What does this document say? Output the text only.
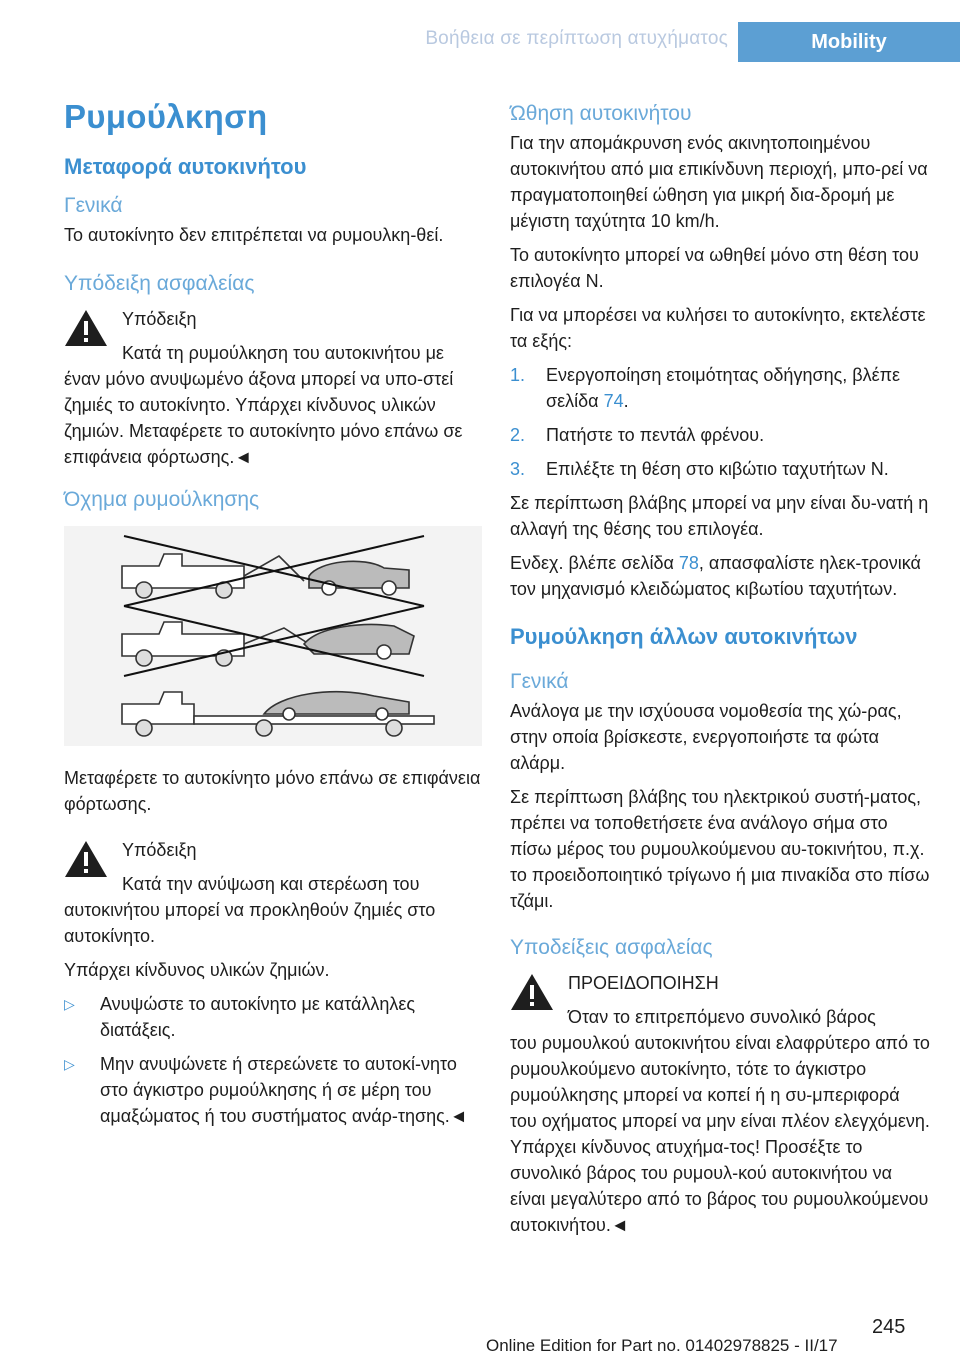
Βοήθεια σε περίπτωση ατυχήματος	Mobility
Ρυμούλκηση
Μεταφορά αυτοκινήτου
Γενικά

Το αυτοκίνητο δεν επιτρέπεται να ρυμουλκη-θεί.

Υπόδειξη ασφαλείας

Υπόδειξη

Κατά τη ρυμούλκηση του αυτοκινήτου με

έναν μόνο ανυψωμένο άξονα μπορεί να υπο-στεί ζημιές το αυτοκίνητο. Υπάρχει κίνδυνος υλικών ζημιών. Μεταφέρετε το αυτοκίνητο μόνο επάνω σε επιφάνεια φόρτωσης.◄

Όχημα ρυμούλκησης

Μεταφέρετε το αυτοκίνητο μόνο επάνω σε επιφάνεια φόρτωσης.

Υπόδειξη

Κατά την ανύψωση και στερέωση του

αυτοκινήτου μπορεί να προκληθούν ζημιές στο αυτοκίνητο.

Υπάρχει κίνδυνος υλικών ζημιών.

▷ Ανυψώστε το αυτοκίνητο με κατάλληλες διατάξεις.
▷ Μην ανυψώνετε ή στερεώνετε το αυτοκί-νητο στο άγκιστρο ρυμούλκησης ή σε μέρη του αμαξώματος ή του συστήματος ανάρ-τησης.◄
Ώθηση αυτοκινήτου

Για την απομάκρυνση ενός ακινητοποιημένου αυτοκινήτου από μια επικίνδυνη περιοχή, μπο-ρεί να πραγματοποιηθεί ώθηση για μικρή δια-δρομή με μέγιστη ταχύτητα 10 km/h.

Το αυτοκίνητο μπορεί να ωθηθεί μόνο στη θέση του επιλογέα N.

Για να μπορέσει να κυλήσει το αυτοκίνητο, εκτελέστε τα εξής:

1. Ενεργοποίηση ετοιμότητας οδήγησης, βλέπε σελίδα 74.
2. Πατήστε το πεντάλ φρένου.
3. Επιλέξτε τη θέση στο κιβώτιο ταχυτήτων N.

Σε περίπτωση βλάβης μπορεί να μην είναι δυ-νατή η αλλαγή της θέσης του επιλογέα.

Ενδεχ. βλέπε σελίδα 78, απασφαλίστε ηλεκ-τρονικά τον μηχανισμό κλειδώματος κιβωτίου ταχυτήτων.

Ρυμούλκηση άλλων αυτοκινήτων
Γενικά

Ανάλογα με την ισχύουσα νομοθεσία της χώ-ρας, στην οποία βρίσκεστε, ενεργοποιήστε τα φώτα αλάρμ.

Σε περίπτωση βλάβης του ηλεκτρικού συστή-ματος, πρέπει να τοποθετήσετε ένα ανάλογο σήμα στο πίσω μέρος του ρυμουλκούμενου αυ-τοκινήτου, π.χ. το προειδοποιητικό τρίγωνο ή μια πινακίδα στο πίσω τζάμι.

Υποδείξεις ασφαλείας

ΠΡΟΕΙΔΟΠΟΙΗΣΗ

Όταν το επιτρεπόμενο συνολικό βάρος

του ρυμουλκού αυτοκινήτου είναι ελαφρύτερο από το ρυμουλκούμενο αυτοκίνητο, τότε το άγκιστρο ρυμούλκησης μπορεί να κοπεί ή η συ-μπεριφορά του οχήματος μπορεί να μην είναι πλέον ελεγχόμενη. Υπάρχει κίνδυνος ατυχήμα-τος! Προσέξτε το συνολικό βάρος του ρυμουλ-κού αυτοκινήτου να είναι μεγαλύτερο από το βάρος του ρυμουλκούμενου αυτοκινήτου.◄

245
Online Edition for Part no. 01402978825 - II/17
